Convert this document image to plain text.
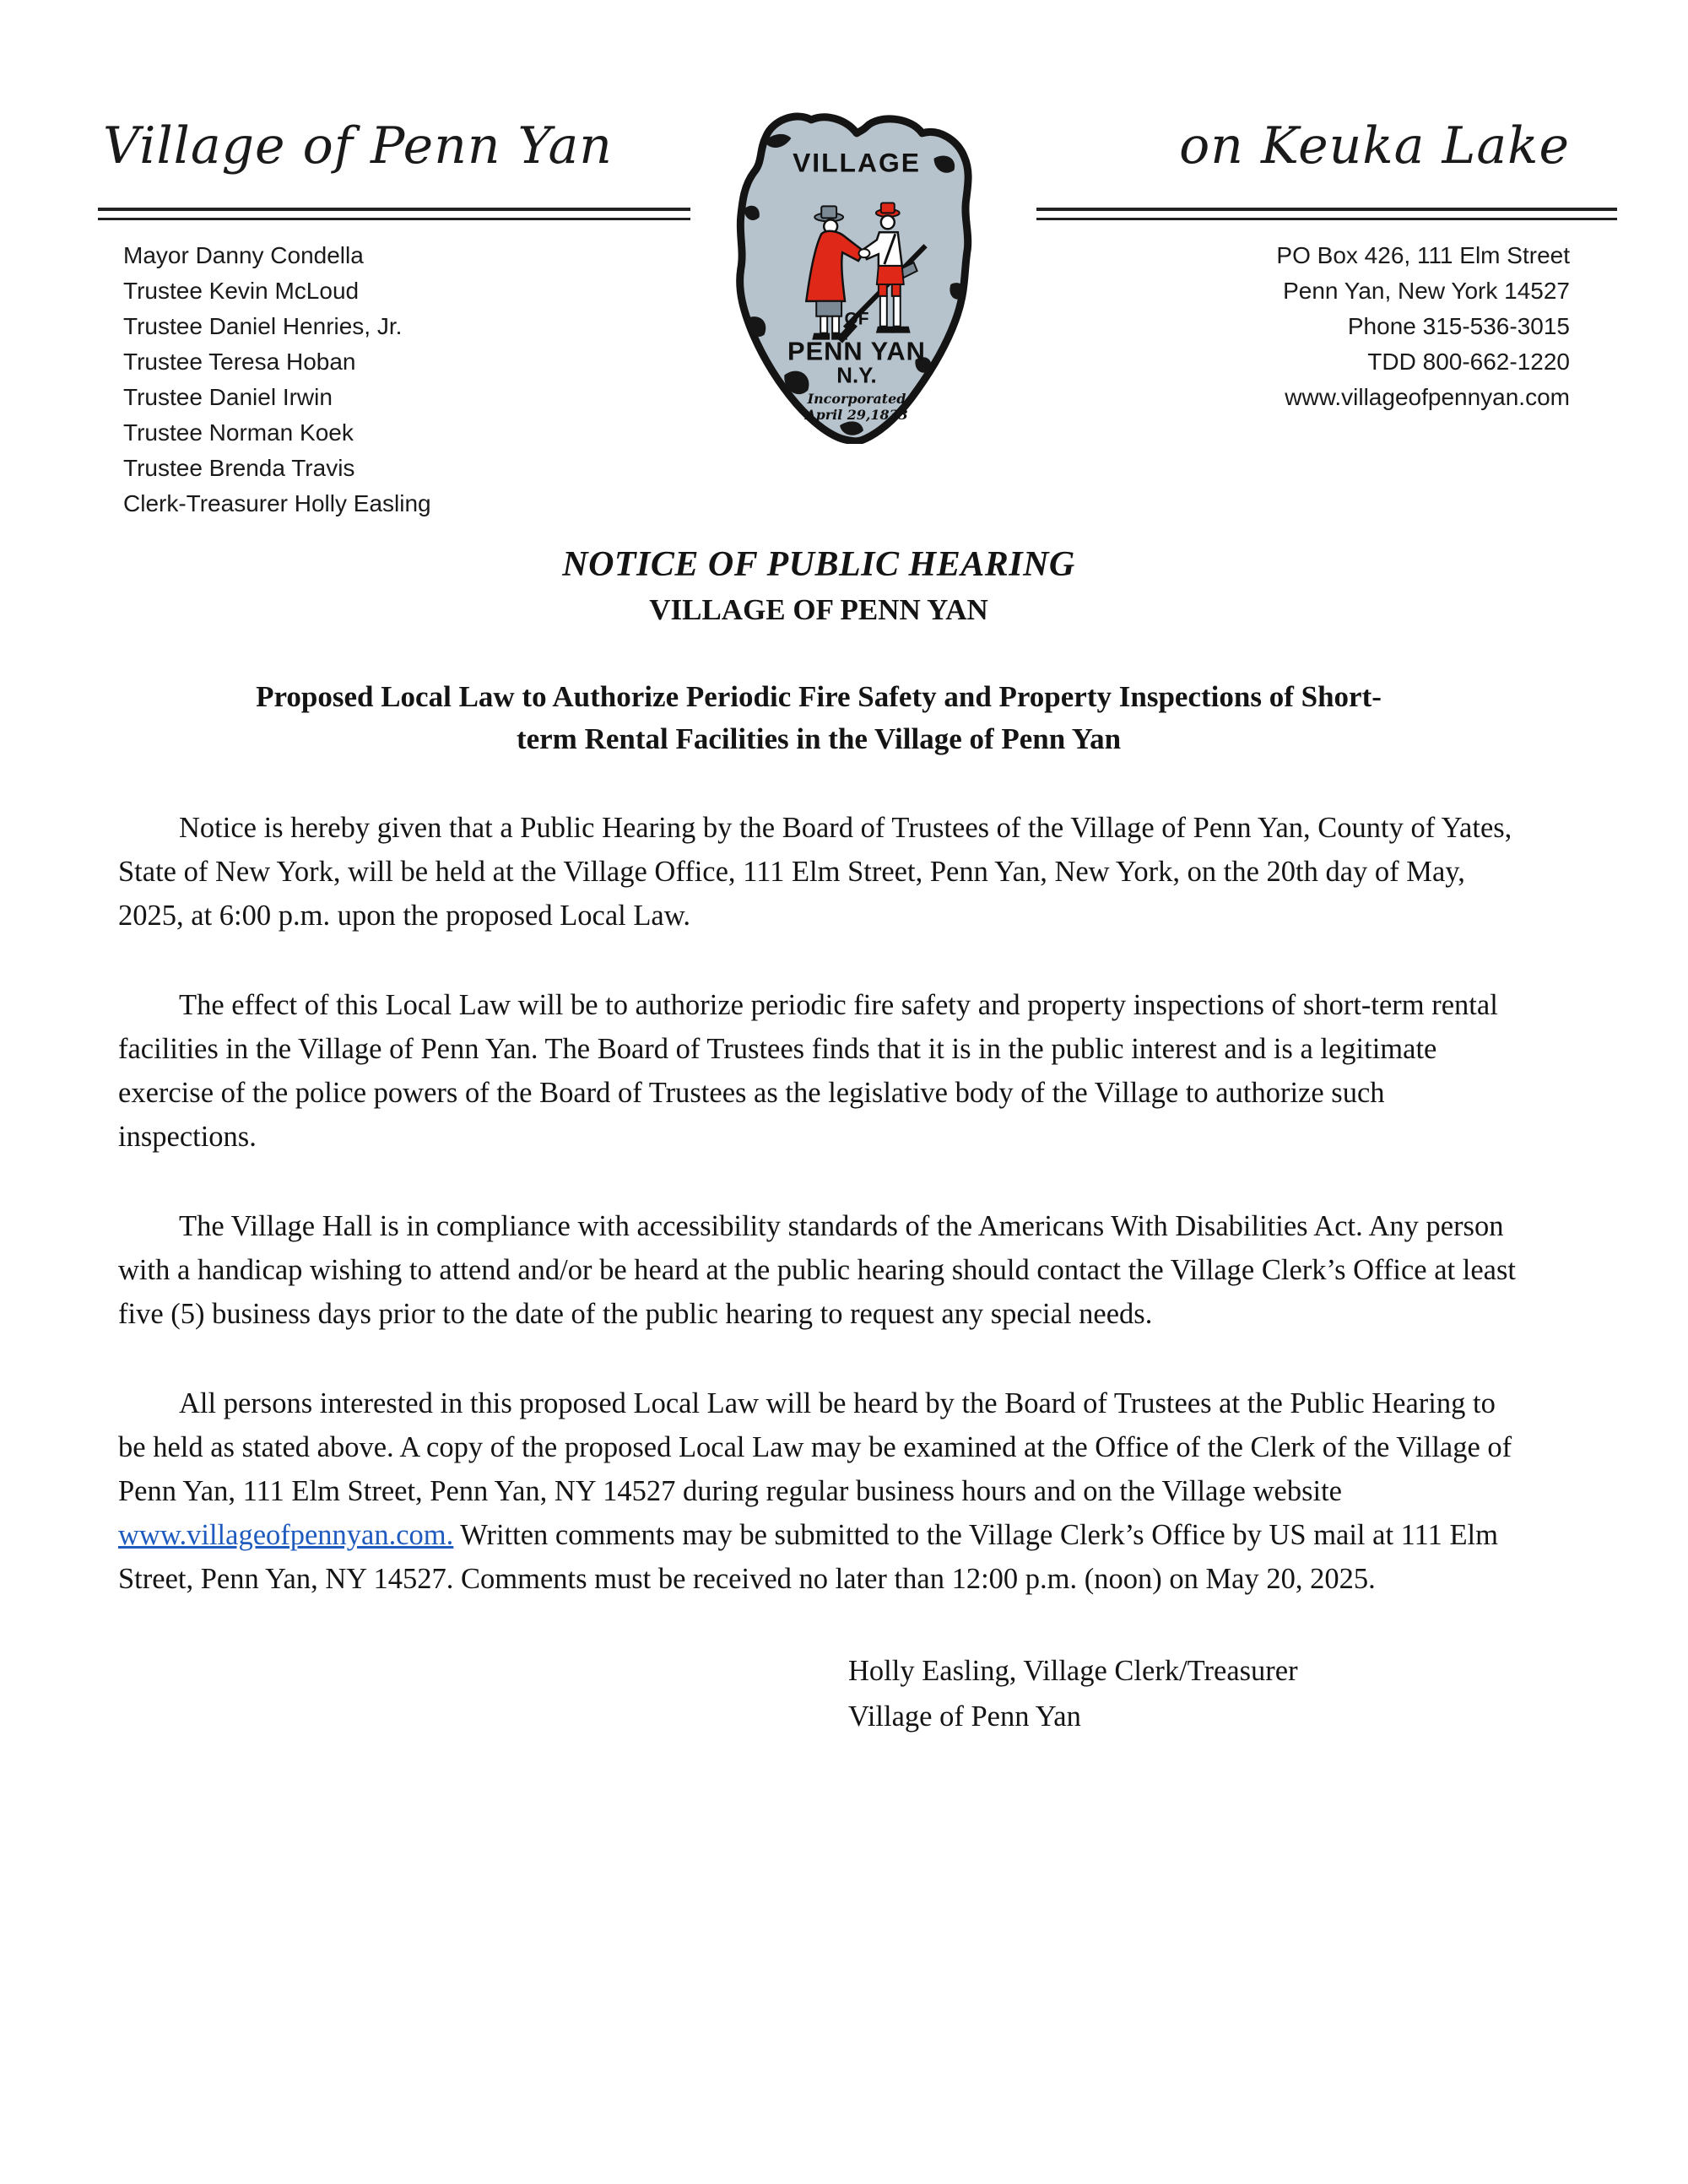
Village of Penn Yan	on Keuka Lake
Mayor Danny Condella
Trustee Kevin McLoud
Trustee Daniel Henries, Jr.
Trustee Teresa Hoban
Trustee Daniel Irwin
Trustee Norman Koek
Trustee Brenda Travis
Clerk-Treasurer Holly Easling
PO Box 426, 111 Elm Street
Penn Yan, New York 14527
Phone 315-536-3015
TDD 800-662-1220
www.villageofpennyan.com
VILLAGE
OF
PENN YAN
N.Y.
Incorporated
April 29,1833
NOTICE OF PUBLIC HEARING
VILLAGE OF PENN YAN
Proposed Local Law to Authorize Periodic Fire Safety and Property Inspections of Short-
term Rental Facilities in the Village of Penn Yan

Notice is hereby given that a Public Hearing by the Board of Trustees of the Village of Penn Yan, County of Yates, State of New York, will be held at the Village Office, 111 Elm Street, Penn Yan, New York, on the 20th day of May, 2025, at 6:00 p.m. upon the proposed Local Law.

The effect of this Local Law will be to authorize periodic fire safety and property inspections of short-term rental facilities in the Village of Penn Yan. The Board of Trustees finds that it is in the public interest and is a legitimate exercise of the police powers of the Board of Trustees as the legislative body of the Village to authorize such inspections.

The Village Hall is in compliance with accessibility standards of the Americans With Disabilities Act. Any person with a handicap wishing to attend and/or be heard at the public hearing should contact the Village Clerk’s Office at least five (5) business days prior to the date of the public hearing to request any special needs.

All persons interested in this proposed Local Law will be heard by the Board of Trustees at the Public Hearing to be held as stated above. A copy of the proposed Local Law may be examined at the Office of the Clerk of the Village of Penn Yan, 111 Elm Street, Penn Yan, NY 14527 during regular business hours and on the Village website www.villageofpennyan.com. Written comments may be submitted to the Village Clerk’s Office by US mail at 111 Elm Street, Penn Yan, NY 14527. Comments must be received no later than 12:00 p.m. (noon) on May 20, 2025.

Holly Easling, Village Clerk/Treasurer
Village of Penn Yan
